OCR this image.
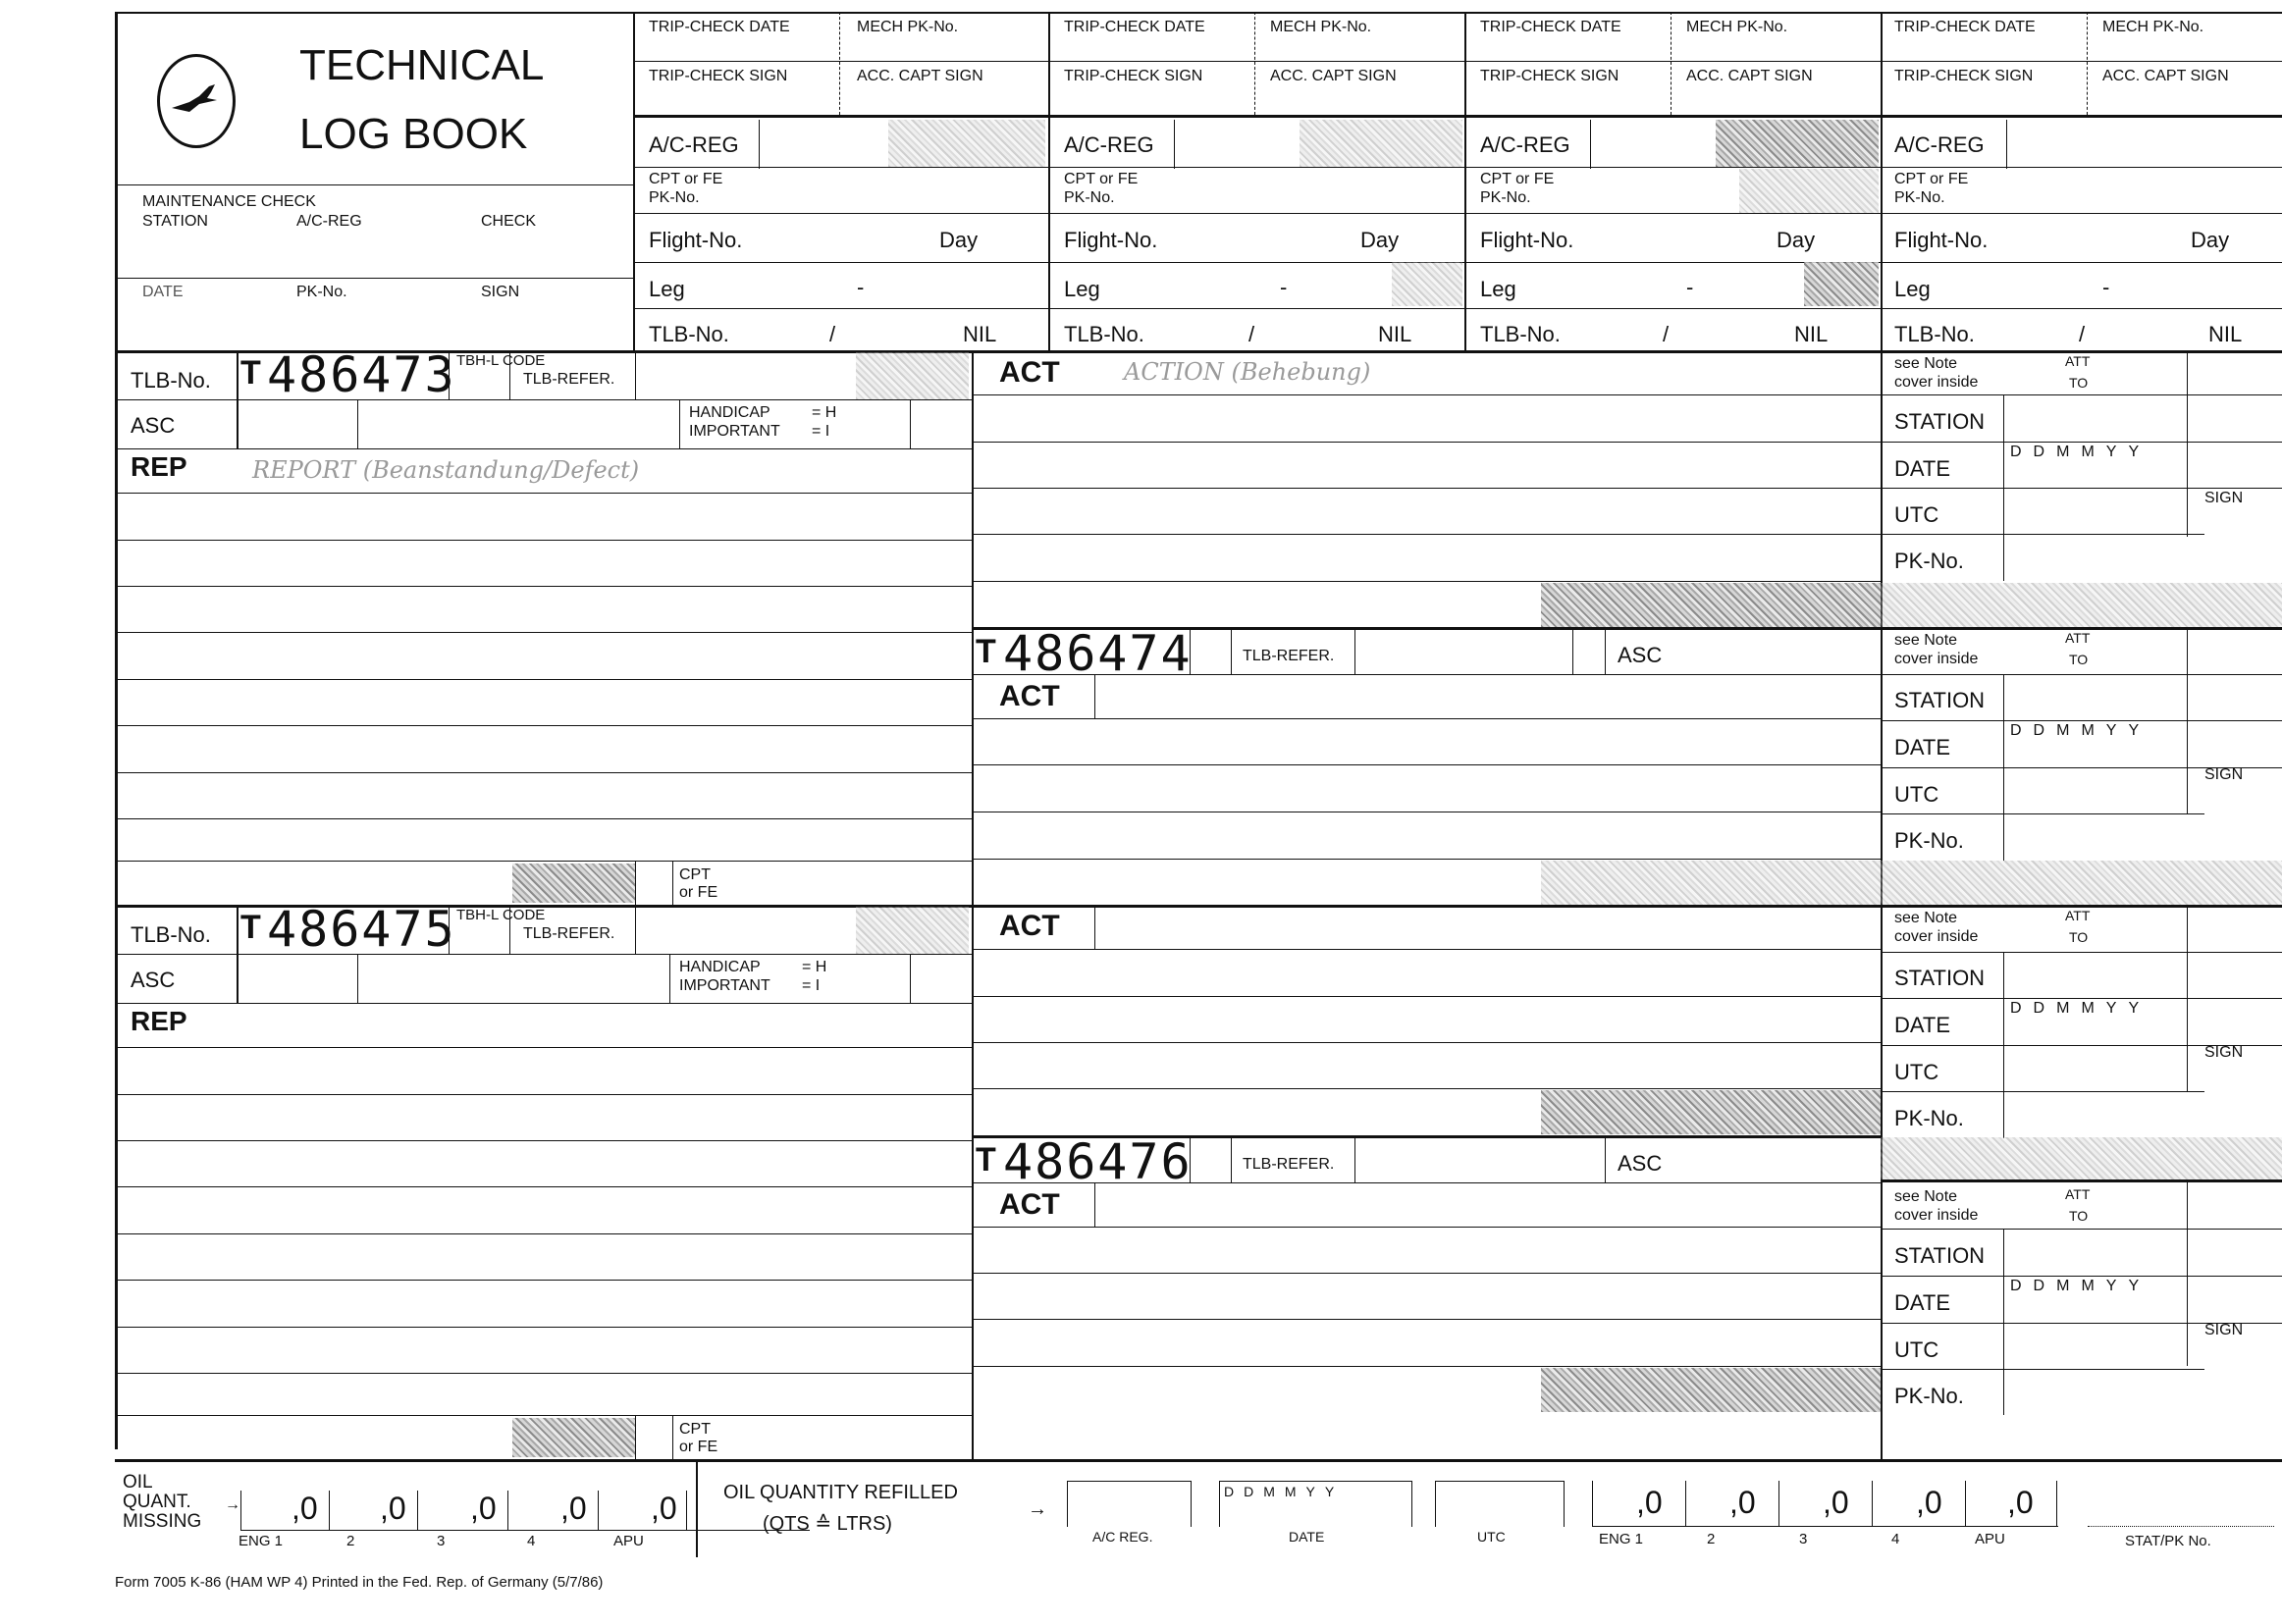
TECHNICAL
LOG BOOK
MAINTENANCE CHECK
STATION	A/C-REG	CHECK
DATE	PK-No.	SIGN
TRIP-CHECK DATE	MECH PK-No.
TRIP-CHECK SIGN	ACC. CAPT SIGN
A/C-REG
CPT or FE
PK-No.
Flight-No.	Day
Leg	-
TLB-No.	/	NIL
TRIP-CHECK DATE	MECH PK-No.
TRIP-CHECK SIGN	ACC. CAPT SIGN
A/C-REG
CPT or FE
PK-No.
Flight-No.	Day
Leg	-
TLB-No.	/	NIL
TRIP-CHECK DATE	MECH PK-No.
TRIP-CHECK SIGN	ACC. CAPT SIGN
A/C-REG
CPT or FE
PK-No.
Flight-No.	Day
Leg	-
TLB-No.	/	NIL
TRIP-CHECK DATE	MECH PK-No.
TRIP-CHECK SIGN	ACC. CAPT SIGN
A/C-REG
CPT or FE
PK-No.
Flight-No.	Day
Leg	-
TLB-No.	/	NIL
TLB-No. T 486473 TBH-L CODE
TLB-REFER.
ASC
HANDICAP	= H
IMPORTANT = I
REP	REPORT (Beanstandung/Defect)
CPT
or FE
TLB-No. T 486475 TBH-L CODE
TLB-REFER.
ASC
HANDICAP	= H
IMPORTANT = I
REP
CPT
or FE
ACT	ACTION (Behebung)
T 486474	TLB-REFER.	ASC
ACT
ACT
T 486476	TLB-REFER.	ASC
ACT
see Note
cover inside
ATT
TO
STATION
DATE
DDMMYY
UTC
SIGN
PK-No.
see Note
cover inside
ATT
TO
STATION
DATE
DDMMYY
UTC
SIGN
PK-No.
see Note
cover inside
ATT
TO
STATION
DATE
DDMMYY
UTC
SIGN
PK-No.
see Note
cover inside
ATT
TO
STATION
DATE
DDMMYY
UTC
SIGN
PK-No.
OIL
QUANT.
MISSING
→ ,0 ,0 ,0 ,0 ,0
ENG 1	2	3	4	APU
OIL QUANTITY REFILLED
(QTS ≙ LTRS)
→
A/C REG.
DDMMYY
DATE	UTC
,0 ,0 ,0 ,0 ,0
ENG 1	2	3	4	APU	STAT/PK No.
Form 7005 K-86 (HAM WP 4) Printed in the Fed. Rep. of Germany (5/7/86)
